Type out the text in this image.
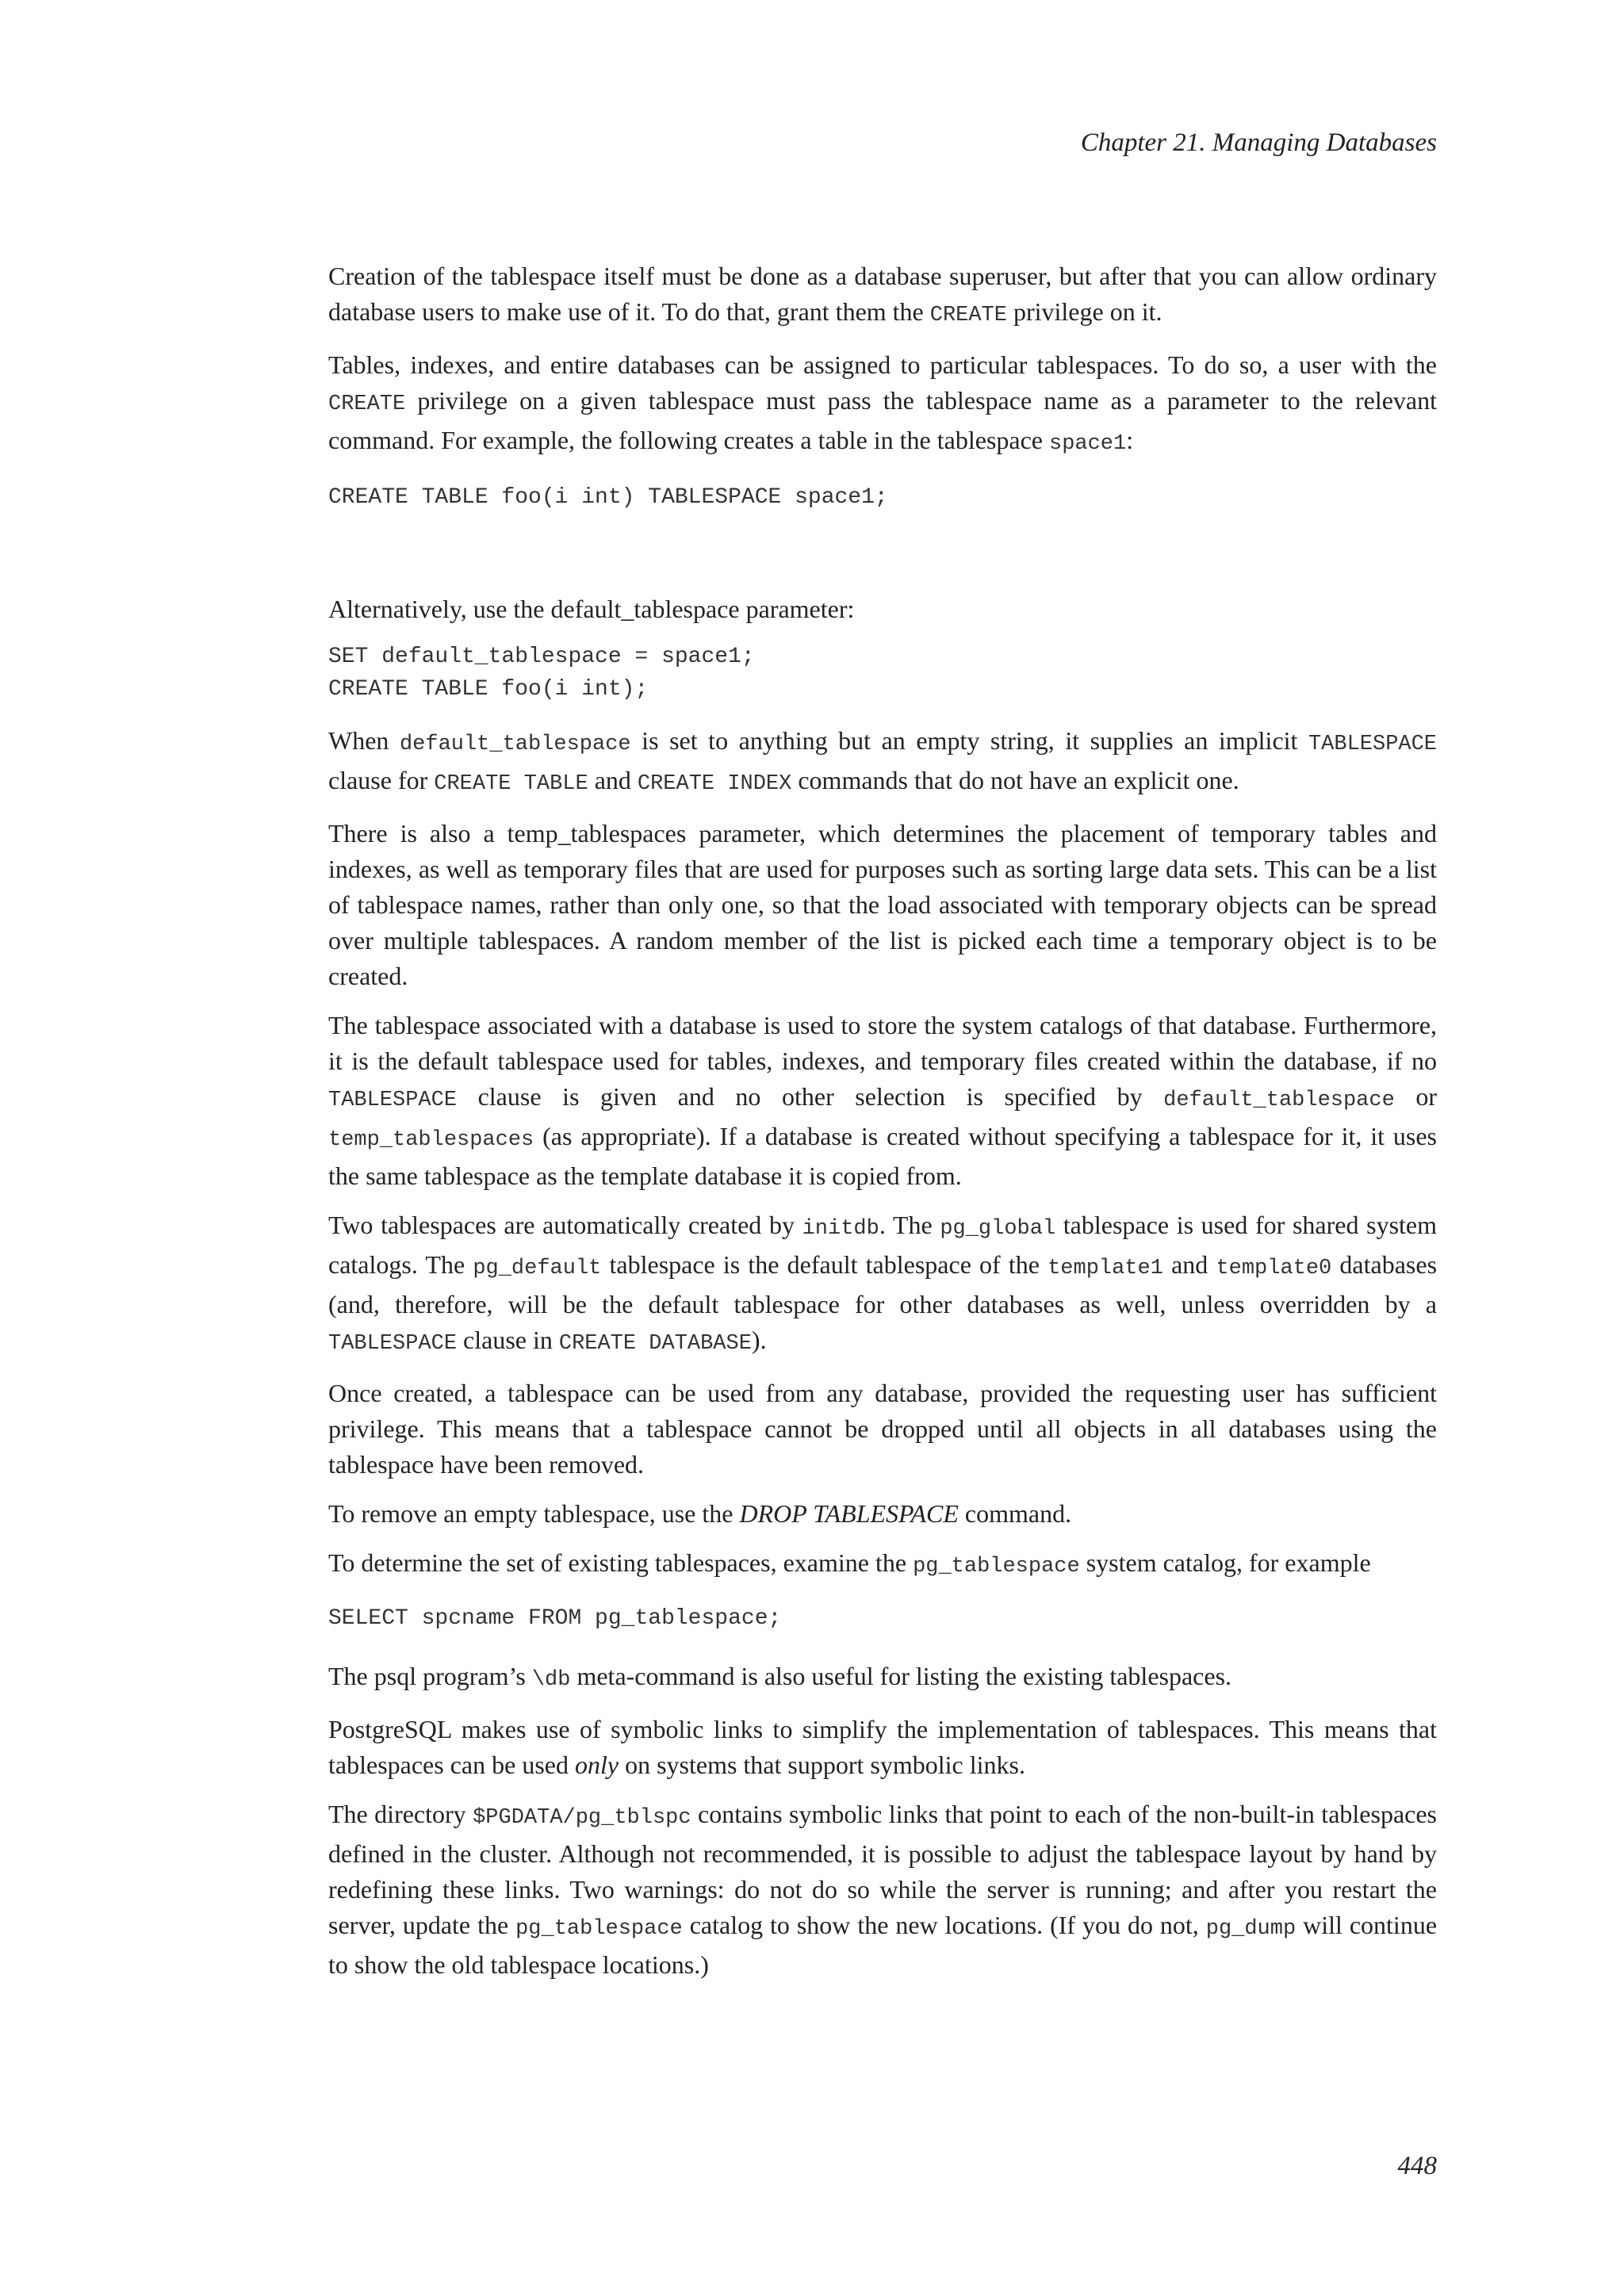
Chapter 21. Managing Databases

Creation of the tablespace itself must be done as a database superuser, but after that you can allow ordinary database users to make use of it. To do that, grant them the CREATE privilege on it.

Tables, indexes, and entire databases can be assigned to particular tablespaces. To do so, a user with the CREATE privilege on a given tablespace must pass the tablespace name as a parameter to the relevant command. For example, the following creates a table in the tablespace space1:

CREATE TABLE foo(i int) TABLESPACE space1;

Alternatively, use the default_tablespace parameter:

SET default_tablespace = space1;
CREATE TABLE foo(i int);

When default_tablespace is set to anything but an empty string, it supplies an implicit TABLESPACE clause for CREATE TABLE and CREATE INDEX commands that do not have an explicit one.

There is also a temp_tablespaces parameter, which determines the placement of temporary tables and indexes, as well as temporary files that are used for purposes such as sorting large data sets. This can be a list of tablespace names, rather than only one, so that the load associated with temporary objects can be spread over multiple tablespaces. A random member of the list is picked each time a temporary object is to be created.

The tablespace associated with a database is used to store the system catalogs of that database. Furthermore, it is the default tablespace used for tables, indexes, and temporary files created within the database, if no TABLESPACE clause is given and no other selection is specified by default_tablespace or temp_tablespaces (as appropriate). If a database is created without specifying a tablespace for it, it uses the same tablespace as the template database it is copied from.

Two tablespaces are automatically created by initdb. The pg_global tablespace is used for shared system catalogs. The pg_default tablespace is the default tablespace of the template1 and template0 databases (and, therefore, will be the default tablespace for other databases as well, unless overridden by a TABLESPACE clause in CREATE DATABASE).

Once created, a tablespace can be used from any database, provided the requesting user has sufficient privilege. This means that a tablespace cannot be dropped until all objects in all databases using the tablespace have been removed.

To remove an empty tablespace, use the DROP TABLESPACE command.

To determine the set of existing tablespaces, examine the pg_tablespace system catalog, for example

SELECT spcname FROM pg_tablespace;

The psql program’s \db meta-command is also useful for listing the existing tablespaces.

PostgreSQL makes use of symbolic links to simplify the implementation of tablespaces. This means that tablespaces can be used only on systems that support symbolic links.

The directory $PGDATA/pg_tblspc contains symbolic links that point to each of the non-built-in tablespaces defined in the cluster. Although not recommended, it is possible to adjust the tablespace layout by hand by redefining these links. Two warnings: do not do so while the server is running; and after you restart the server, update the pg_tablespace catalog to show the new locations. (If you do not, pg_dump will continue to show the old tablespace locations.)

448
